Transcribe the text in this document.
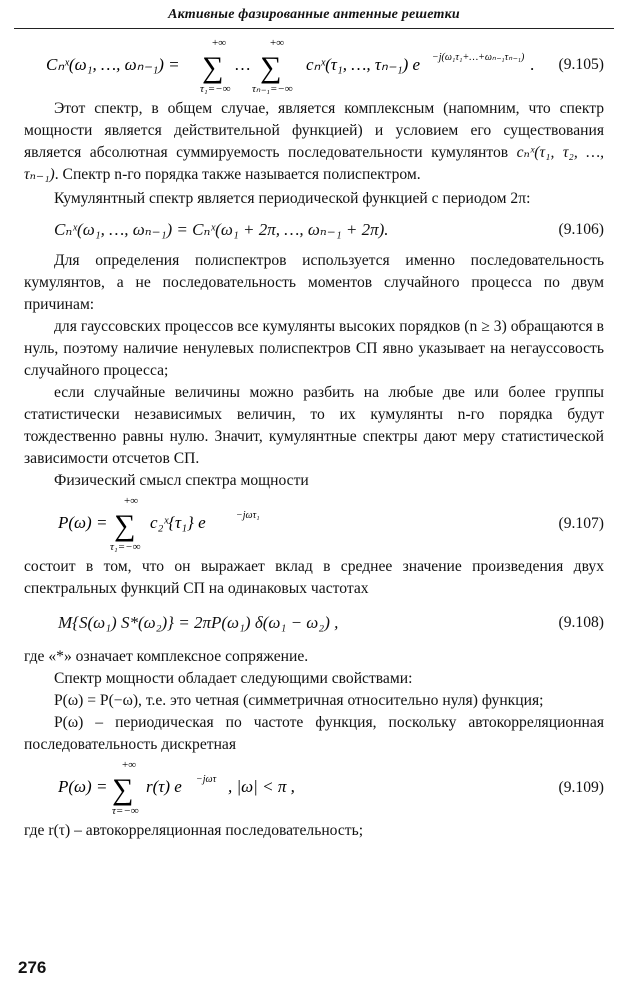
Активные фазированные антенные решетки
Cₙˣ(ω₁, …, ωₙ₋₁) =
+∞
∑
τ₁=−∞
…
+∞
∑
τₙ₋₁=−∞
cₙˣ(τ₁, …, τₙ₋₁) e −j(ω₁τ₁+…+ωₙ₋₁τₙ₋₁) . (9.105)

Этот спектр, в общем случае, является комплексным (напомним, что спектр мощности является действительной функцией) и условием его существования является абсолютная суммируемость последовательности кумулянтов cₙˣ(τ₁, τ₂, …, τₙ₋₁). Спектр n-го порядка также называется полиспектром.

Кумулянтный спектр является периодической функцией с периодом 2π:

Cₙˣ(ω₁, …, ωₙ₋₁) = Cₙˣ(ω₁ + 2π, …, ωₙ₋₁ + 2π).	(9.106)

Для определения полиспектров используется именно последовательность кумулянтов, а не последовательность моментов случайного процесса по двум причинам:

для гауссовских процессов все кумулянты высоких порядков (n ≥ 3) обращаются в нуль, поэтому наличие ненулевых полиспектров СП явно указывает на негауссовость случайного процесса;

если случайные величины можно разбить на любые две или более группы статистически независимых величин, то их кумулянты n-го порядка будут тождественно равны нулю. Значит, кумулянтные спектры дают меру статистической зависимости отсчетов СП.

Физический смысл спектра мощности

P(ω) =
+∞
∑
τ₁=−∞
c₂ˣ{τ₁} e	−jωτ₁	(9.107)

состоит в том, что он выражает вклад в среднее значение произведения двух спектральных функций СП на одинаковых частотах

M{S(ω₁) S*(ω₂)} = 2πP(ω₁) δ(ω₁ − ω₂) ,	(9.108)

где «*» означает комплексное сопряжение.

Спектр мощности обладает следующими свойствами:

P(ω) = P(−ω), т.е. это четная (симметричная относительно нуля) функция;

P(ω) – периодическая по частоте функция, поскольку автокорреляционная последовательность дискретная

P(ω) =
+∞
∑
τ=−∞
r(τ) e −jωτ , |ω| < π ,	(9.109)

где r(τ) – автокорреляционная последовательность;

276
